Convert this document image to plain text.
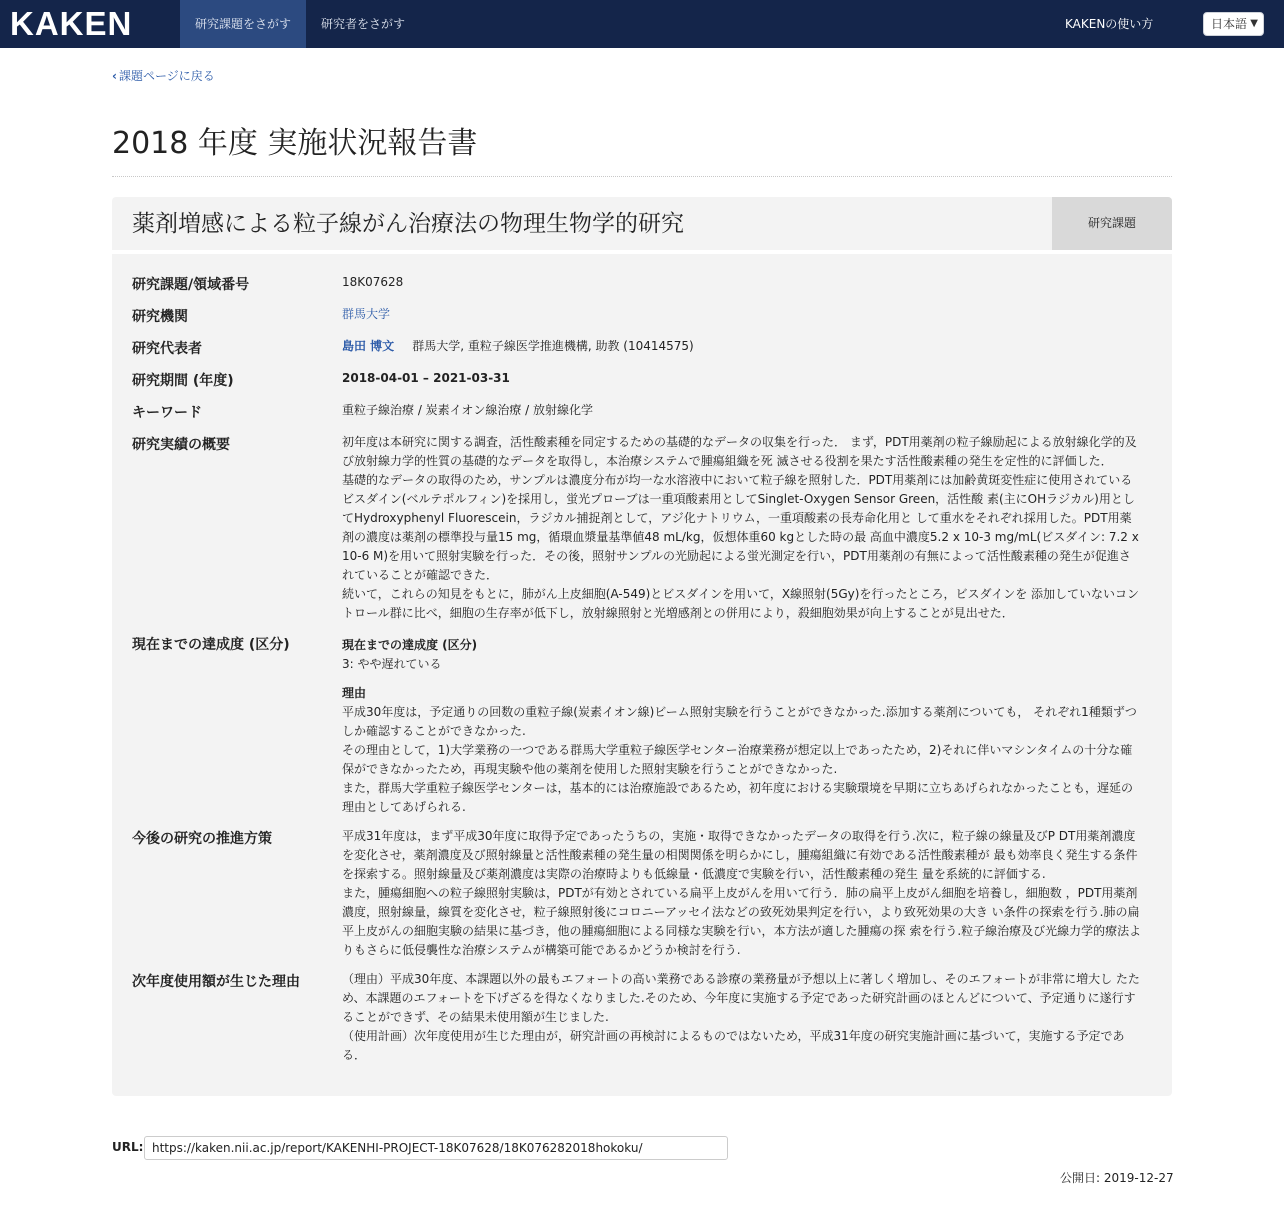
KAKEN	研究課題をさがす	研究者をさがす	KAKENの使い方	日本語 ▼
‹ 課題ページに戻る
2018 年度 実施状況報告書
薬剤増感による粒子線がん治療法の物理生物学的研究	研究課題
研究課題/領域番号	18K07628
研究機関	群馬大学
研究代表者	島田 博文 群馬大学, 重粒子線医学推進機構, 助教 (10414575)
研究期間 (年度)	2018-04-01 – 2021-03-31
キーワード	重粒子線治療 / 炭素イオン線治療 / 放射線化学
研究実績の概要	初年度は本研究に関する調査，活性酸素種を同定するための基礎的なデータの収集を行った． まず，PDT用薬剤の粒子線励起による放射線化学的及び放射線力学的性質の基礎的なデータを取得し，本治療システムで腫瘍組織を死 滅させる役割を果たす活性酸素種の発生を定性的に評価した．

基礎的なデータの取得のため，サンプルは濃度分布が均一な水溶液中において粒子線を照射した．PDT用薬剤には加齢黄斑変性症に使用されているビスダイン(ベルテポルフィン)を採用し，蛍光プローブは一重項酸素用としてSinglet-Oxygen Sensor Green，活性酸 素(主にOHラジカル)用としてHydroxyphenyl Fluorescein，ラジカル捕捉剤として，アジ化ナトリウム，一重項酸素の長寿命化用と して重水をそれぞれ採用した。PDT用薬剤の濃度は薬剤の標準投与量15 mg，循環血漿量基準値48 mL/kg，仮想体重60 kgとした時の最 高血中濃度5.2 x 10-3 mg/mL(ビスダイン: 7.2 x 10-6 M)を用いて照射実験を行った．その後，照射サンプルの光励起による蛍光測定を行い，PDT用薬剤の有無によって活性酸素種の発生が促進されていることが確認できた．

続いて，これらの知見をもとに，肺がん上皮細胞(A-549)とビスダインを用いて，X線照射(5Gy)を行ったところ，ビスダインを 添加していないコントロール群に比べ，細胞の生存率が低下し，放射線照射と光増感剤との併用により，殺細胞効果が向上することが見出せた．

現在までの達成度 (区分)	現在までの達成度 (区分)

3: やや遅れている

理由

平成30年度は，予定通りの回数の重粒子線(炭素イオン線)ビーム照射実験を行うことができなかった.添加する薬剤についても， それぞれ1種類ずつしか確認することができなかった.

その理由として，1)大学業務の一つである群馬大学重粒子線医学センター治療業務が想定以上であったため，2)それに伴いマシンタイムの十分な確保ができなかったため，再現実験や他の薬剤を使用した照射実験を行うことができなかった.

また，群馬大学重粒子線医学センターは，基本的には治療施設であるため，初年度における実験環境を早期に立ちあげられなかったことも，遅延の理由としてあげられる.

今後の研究の推進方策	平成31年度は，まず平成30年度に取得予定であったうちの，実施・取得できなかったデータの取得を行う.次に，粒子線の線量及びP DT用薬剤濃度を変化させ，薬剤濃度及び照射線量と活性酸素種の発生量の相関関係を明らかにし，腫瘍組織に有効である活性酸素種が 最も効率良く発生する条件を探索する。照射線量及び薬剤濃度は実際の治療時よりも低線量・低濃度で実験を行い，活性酸素種の発生 量を系統的に評価する.

また，腫瘍細胞への粒子線照射実験は，PDTが有効とされている扁平上皮がんを用いて行う．肺の扁平上皮がん細胞を培養し，細胞数 ，PDT用薬剤濃度，照射線量，線質を変化させ，粒子線照射後にコロニーアッセイ法などの致死効果判定を行い，より致死効果の大き い条件の探索を行う.肺の扁平上皮がんの細胞実験の結果に基づき，他の腫瘍細胞による同様な実験を行い，本方法が適した腫瘍の探 索を行う.粒子線治療及び光線力学的療法よりもさらに低侵襲性な治療システムが構築可能であるかどうか検討を行う.

次年度使用額が生じた理由	（理由）平成30年度、本課題以外の最もエフォートの高い業務である診療の業務量が予想以上に著しく増加し、そのエフォートが非常に増大し たため、本課題のエフォートを下げざるを得なくなりました.そのため、今年度に実施する予定であった研究計画のほとんどについて、予定通りに遂行することができず、その結果未使用額が生じました.

（使用計画）次年度使用が生じた理由が，研究計画の再検討によるものではないため，平成31年度の研究実施計画に基づいて，実施する予定である．

URL: https://kaken.nii.ac.jp/report/KAKENHI-PROJECT-18K07628/18K076282018hokoku/
公開日: 2019-12-27
